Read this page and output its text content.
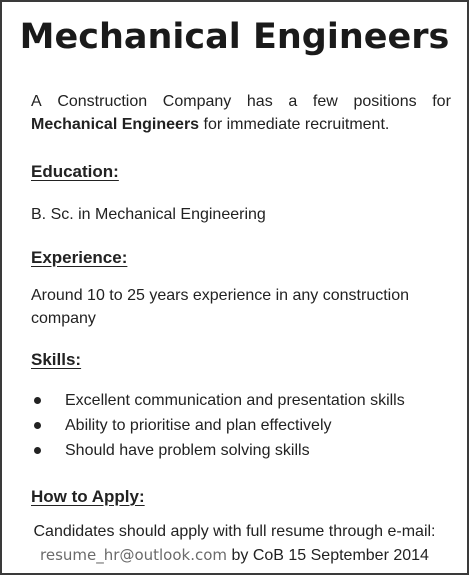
Mechanical Engineers
A Construction Company has a few positions for
Mechanical Engineers for immediate recruitment.
Education:
B. Sc. in Mechanical Engineering
Experience:
Around 10 to 25 years experience in any construction
company
Skills:
Excellent communication and presentation skills
Ability to prioritise and plan effectively
Should have problem solving skills
How to Apply:
Candidates should apply with full resume through e-mail:
resume_hr@outlook.com by CoB 15 September 2014
